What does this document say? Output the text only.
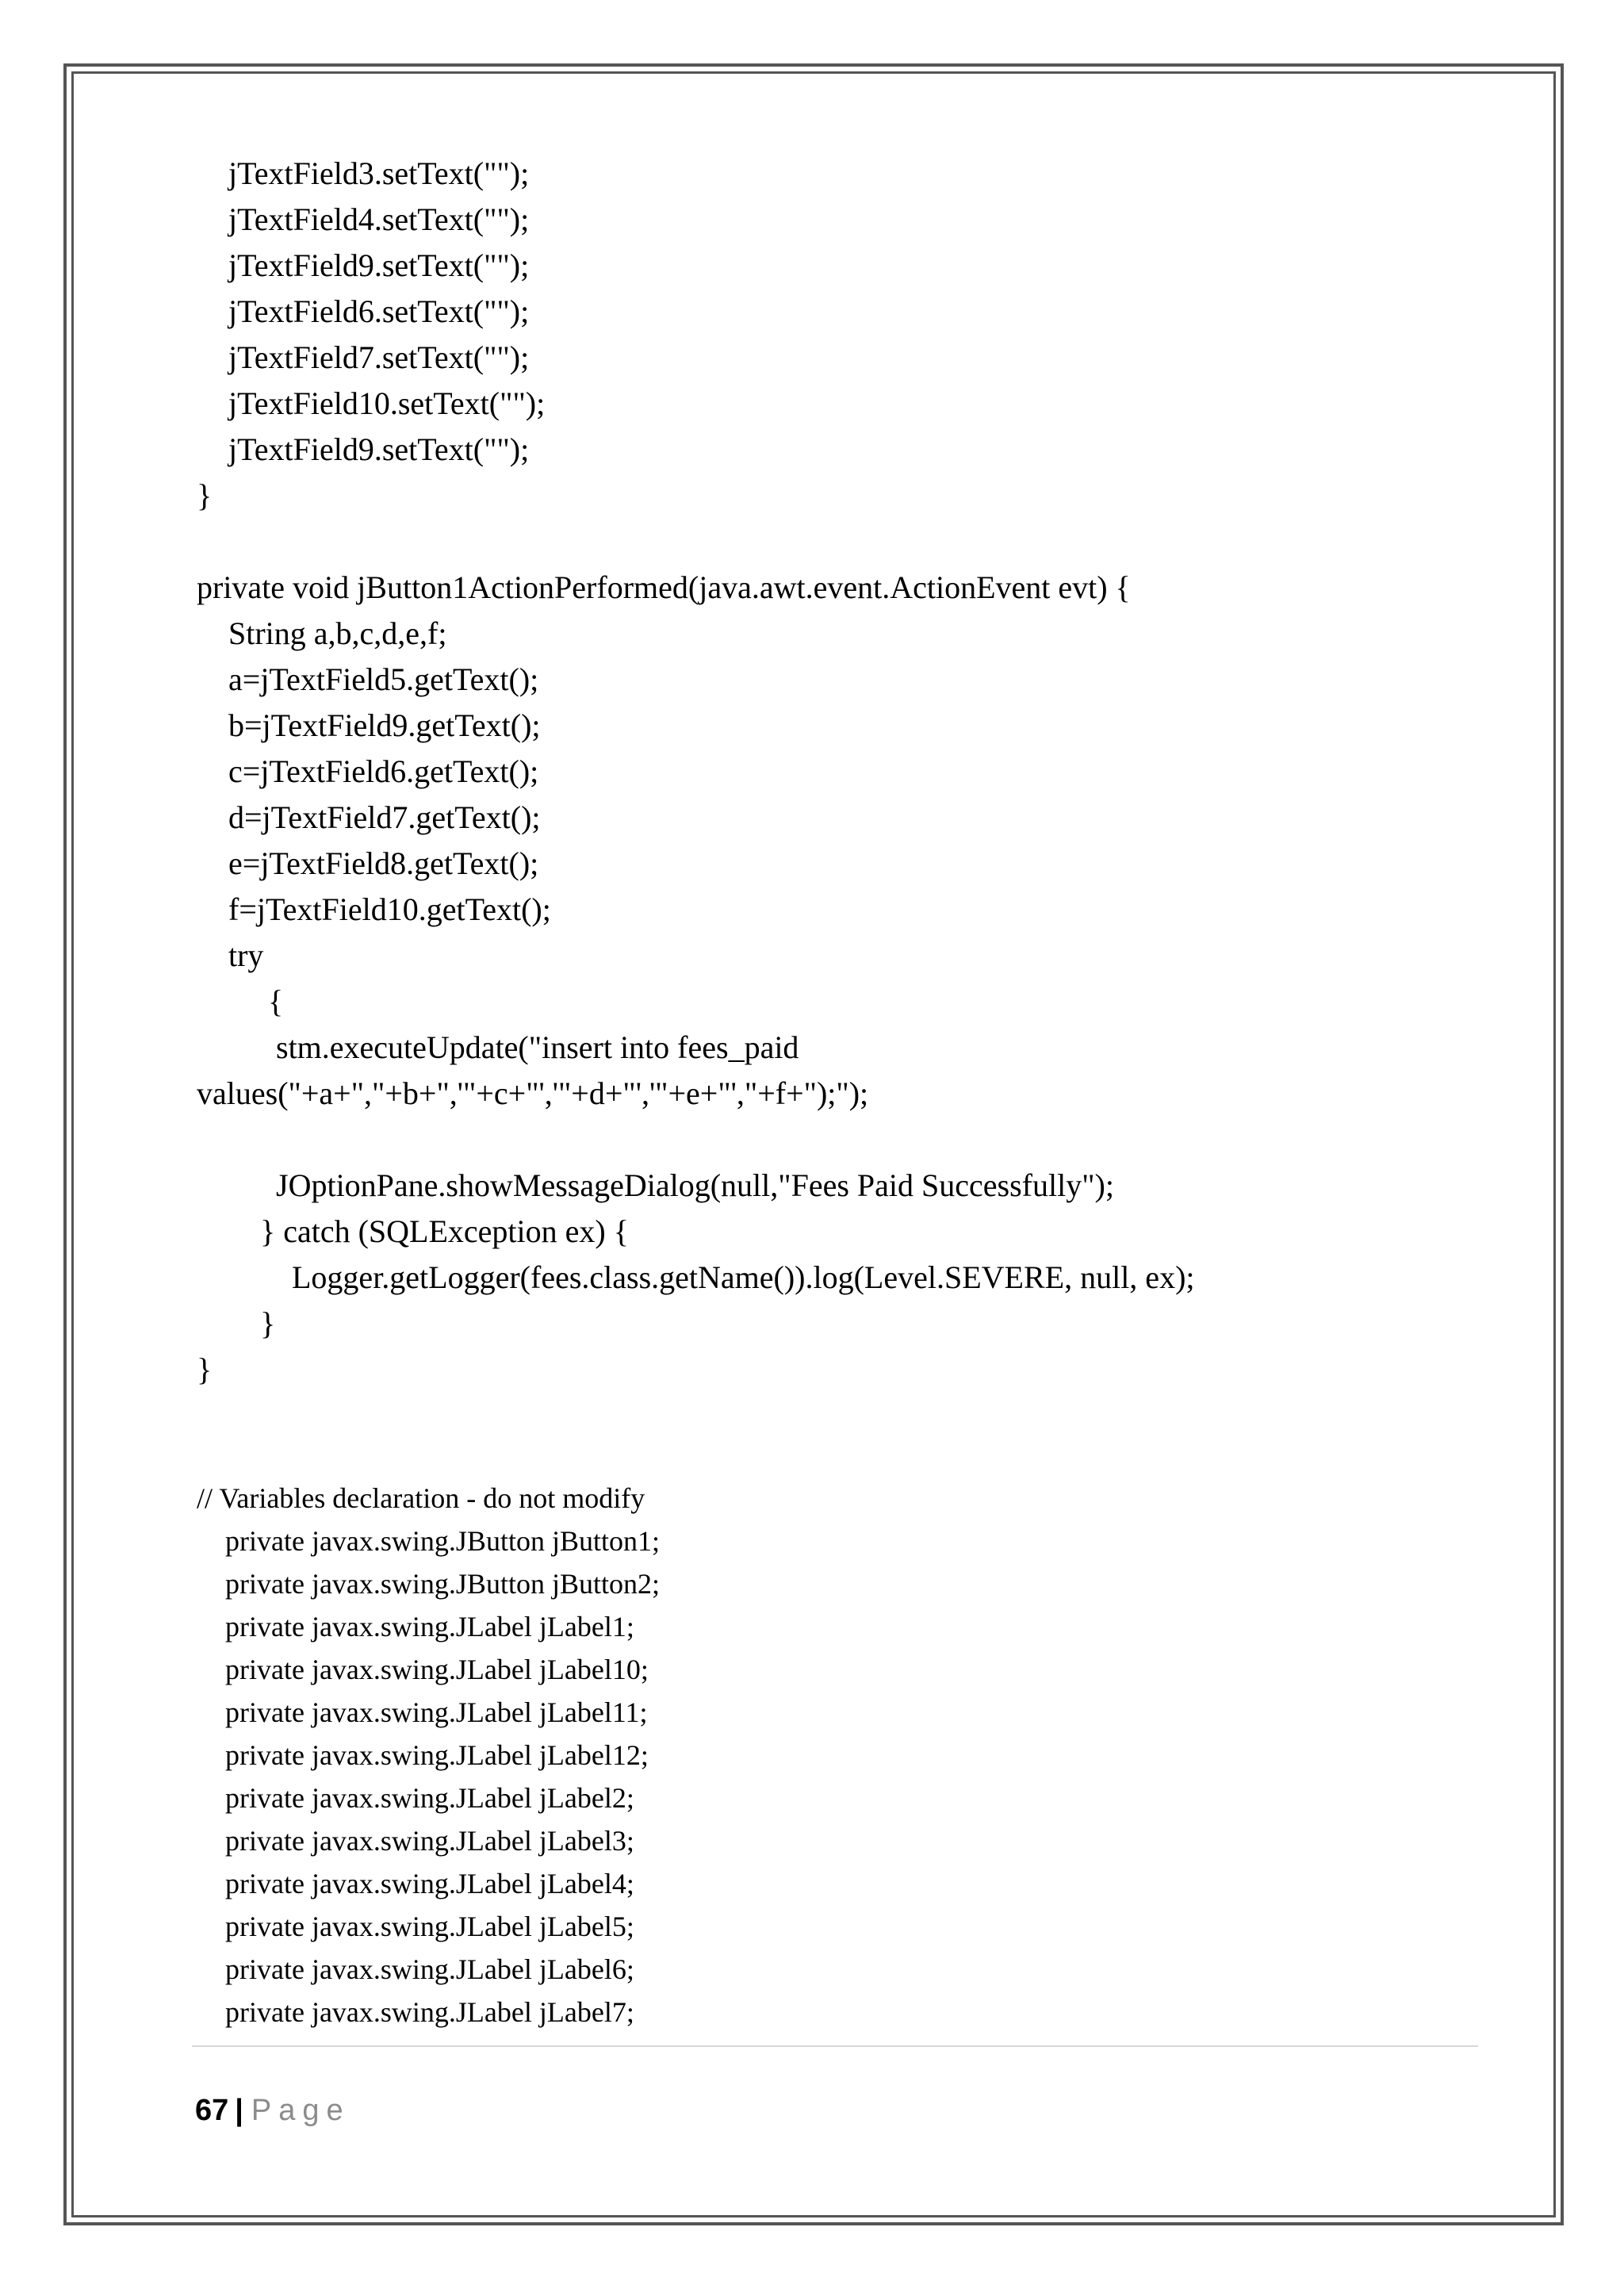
jTextField3.setText("");
jTextField4.setText("");
jTextField9.setText("");
jTextField6.setText("");
jTextField7.setText("");
jTextField10.setText("");
jTextField9.setText("");
}
private void jButton1ActionPerformed(java.awt.event.ActionEvent evt) {
String a,b,c,d,e,f;
a=jTextField5.getText();
b=jTextField9.getText();
c=jTextField6.getText();
d=jTextField7.getText();
e=jTextField8.getText();
f=jTextField10.getText();
try
{
stm.executeUpdate("insert into fees_paid
values("+a+","+b+",'"+c+"','"+d+"','"+e+"',"+f+");");
JOptionPane.showMessageDialog(null,"Fees Paid Successfully");
} catch (SQLException ex) {
Logger.getLogger(fees.class.getName()).log(Level.SEVERE, null, ex);
}
}
// Variables declaration - do not modify
private javax.swing.JButton jButton1;
private javax.swing.JButton jButton2;
private javax.swing.JLabel jLabel1;
private javax.swing.JLabel jLabel10;
private javax.swing.JLabel jLabel11;
private javax.swing.JLabel jLabel12;
private javax.swing.JLabel jLabel2;
private javax.swing.JLabel jLabel3;
private javax.swing.JLabel jLabel4;
private javax.swing.JLabel jLabel5;
private javax.swing.JLabel jLabel6;
private javax.swing.JLabel jLabel7;
67 | Page
